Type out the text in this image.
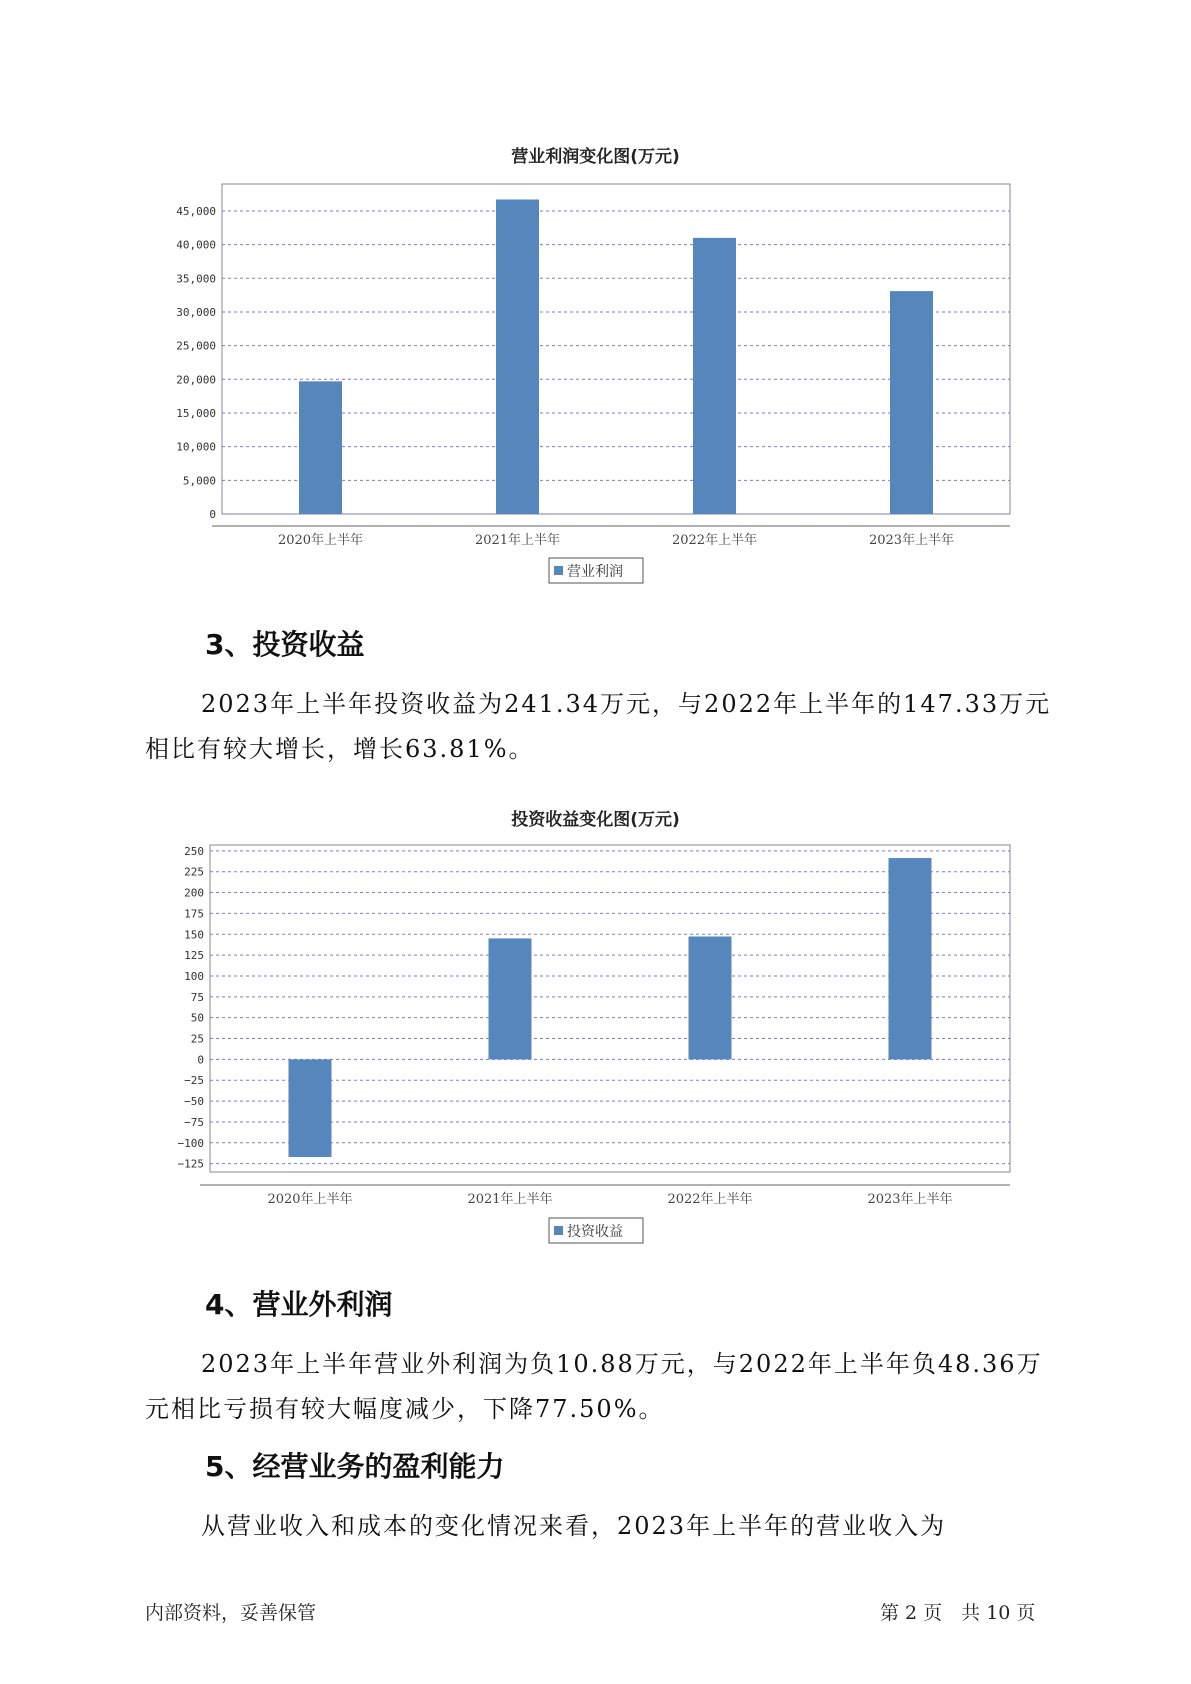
营业利润变化图(万元)
0
5,000
10,000
15,000
20,000
25,000
30,000
35,000
40,000
45,000
2020年上半年	2021年上半年	2022年上半年	2023年上半年
营业利润
3、投资收益

2023年上半年投资收益为241.34万元，与2022年上半年的147.33万元相比有较大增长，增长63.81%。

投资收益变化图(万元)
−125
−100
−75
−50
−25
0
25
50
75
100
125
150
175
200
225
250
2020年上半年	2021年上半年	2022年上半年	2023年上半年
投资收益
4、营业外利润

2023年上半年营业外利润为负10.88万元，与2022年上半年负48.36万元相比亏损有较大幅度减少，下降77.50%。

5、经营业务的盈利能力

从营业收入和成本的变化情况来看，2023年上半年的营业收入为

内部资料，妥善保管	第 2 页　共 10 页
